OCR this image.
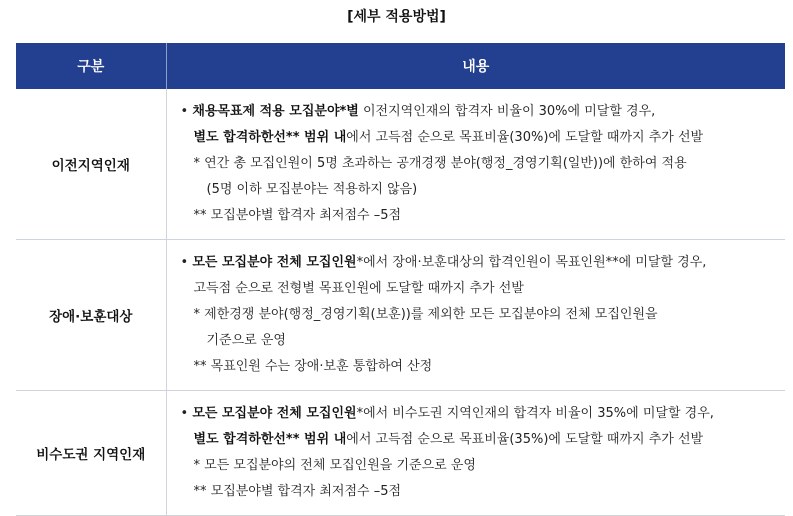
[세부 적용방법]
구분	내용
이전지역인재	• 채용목표제 적용 모집분야*별 이전지역인재의 합격자 비율이 30%에 미달할 경우,
별도 합격하한선** 범위 내에서 고득점 순으로 목표비율(30%)에 도달할 때까지 추가 선발
* 연간 총 모집인원이 5명 초과하는 공개경쟁 분야(행정_경영기획(일반))에 한하여 적용
(5명 이하 모집분야는 적용하지 않음)
** 모집분야별 합격자 최저점수 –5점

장애·보훈대상	• 모든 모집분야 전체 모집인원*에서 장애·보훈대상의 합격인원이 목표인원**에 미달할 경우,
고득점 순으로 전형별 목표인원에 도달할 때까지 추가 선발
* 제한경쟁 분야(행정_경영기획(보훈))를 제외한 모든 모집분야의 전체 모집인원을
기준으로 운영
** 목표인원 수는 장애·보훈 통합하여 산정

비수도권 지역인재	• 모든 모집분야 전체 모집인원*에서 비수도권 지역인재의 합격자 비율이 35%에 미달할 경우,
별도 합격하한선** 범위 내에서 고득점 순으로 목표비율(35%)에 도달할 때까지 추가 선발
* 모든 모집분야의 전체 모집인원을 기준으로 운영
** 모집분야별 합격자 최저점수 –5점
